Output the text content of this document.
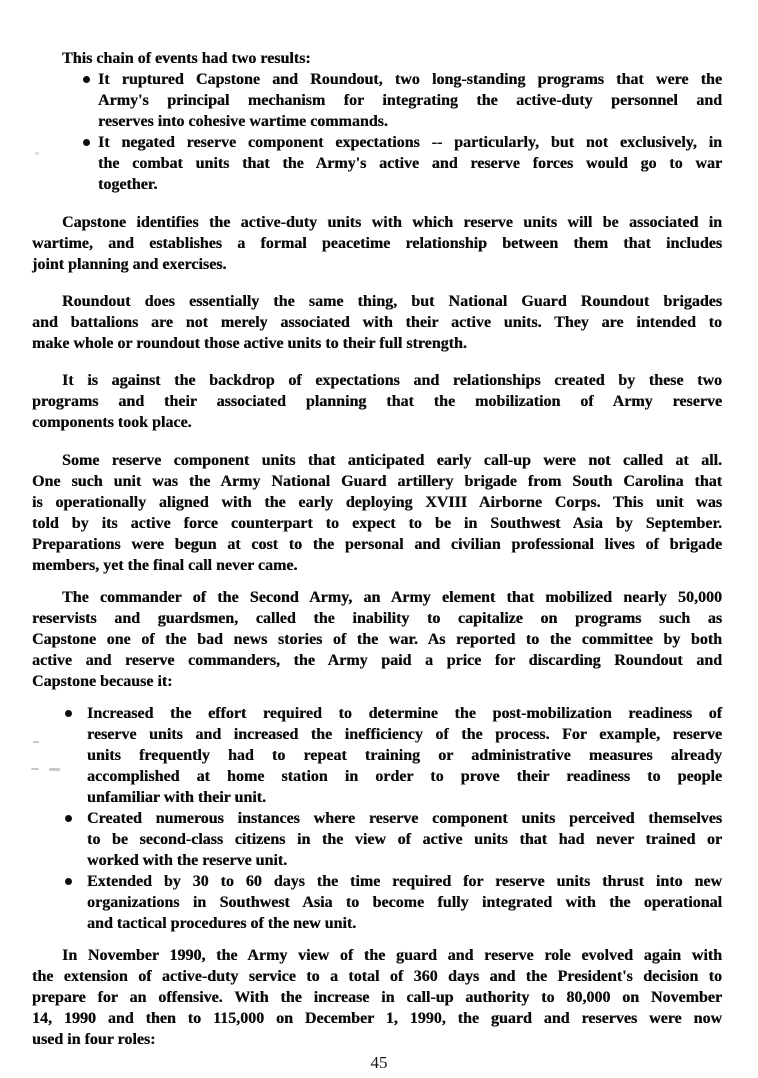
This chain of events had two results:

It ruptured Capstone and Roundout, two long-standing programs that were the
Army's principal mechanism for integrating the active-duty personnel and
reserves into cohesive wartime commands.
It negated reserve component expectations -- particularly, but not exclusively, in
the combat units that the Army's active and reserve forces would go to war
together.

Capstone identifies the active-duty units with which reserve units will be associated in
wartime, and establishes a formal peacetime relationship between them that includes
joint planning and exercises.

Roundout does essentially the same thing, but National Guard Roundout brigades
and battalions are not merely associated with their active units. They are intended to
make whole or roundout those active units to their full strength.

It is against the backdrop of expectations and relationships created by these two
programs and their associated planning that the mobilization of Army reserve
components took place.

Some reserve component units that anticipated early call-up were not called at all.
One such unit was the Army National Guard artillery brigade from South Carolina that
is operationally aligned with the early deploying XVIII Airborne Corps. This unit was
told by its active force counterpart to expect to be in Southwest Asia by September.
Preparations were begun at cost to the personal and civilian professional lives of brigade
members, yet the final call never came.

The commander of the Second Army, an Army element that mobilized nearly 50,000
reservists and guardsmen, called the inability to capitalize on programs such as
Capstone one of the bad news stories of the war. As reported to the committee by both
active and reserve commanders, the Army paid a price for discarding Roundout and
Capstone because it:

Increased the effort required to determine the post-mobilization readiness of
reserve units and increased the inefficiency of the process. For example, reserve
units frequently had to repeat training or administrative measures already
accomplished at home station in order to prove their readiness to people
unfamiliar with their unit.
Created numerous instances where reserve component units perceived themselves
to be second-class citizens in the view of active units that had never trained or
worked with the reserve unit.
Extended by 30 to 60 days the time required for reserve units thrust into new
organizations in Southwest Asia to become fully integrated with the operational
and tactical procedures of the new unit.

In November 1990, the Army view of the guard and reserve role evolved again with
the extension of active-duty service to a total of 360 days and the President's decision to
prepare for an offensive. With the increase in call-up authority to 80,000 on November
14, 1990 and then to 115,000 on December 1, 1990, the guard and reserves were now
used in four roles:

45
